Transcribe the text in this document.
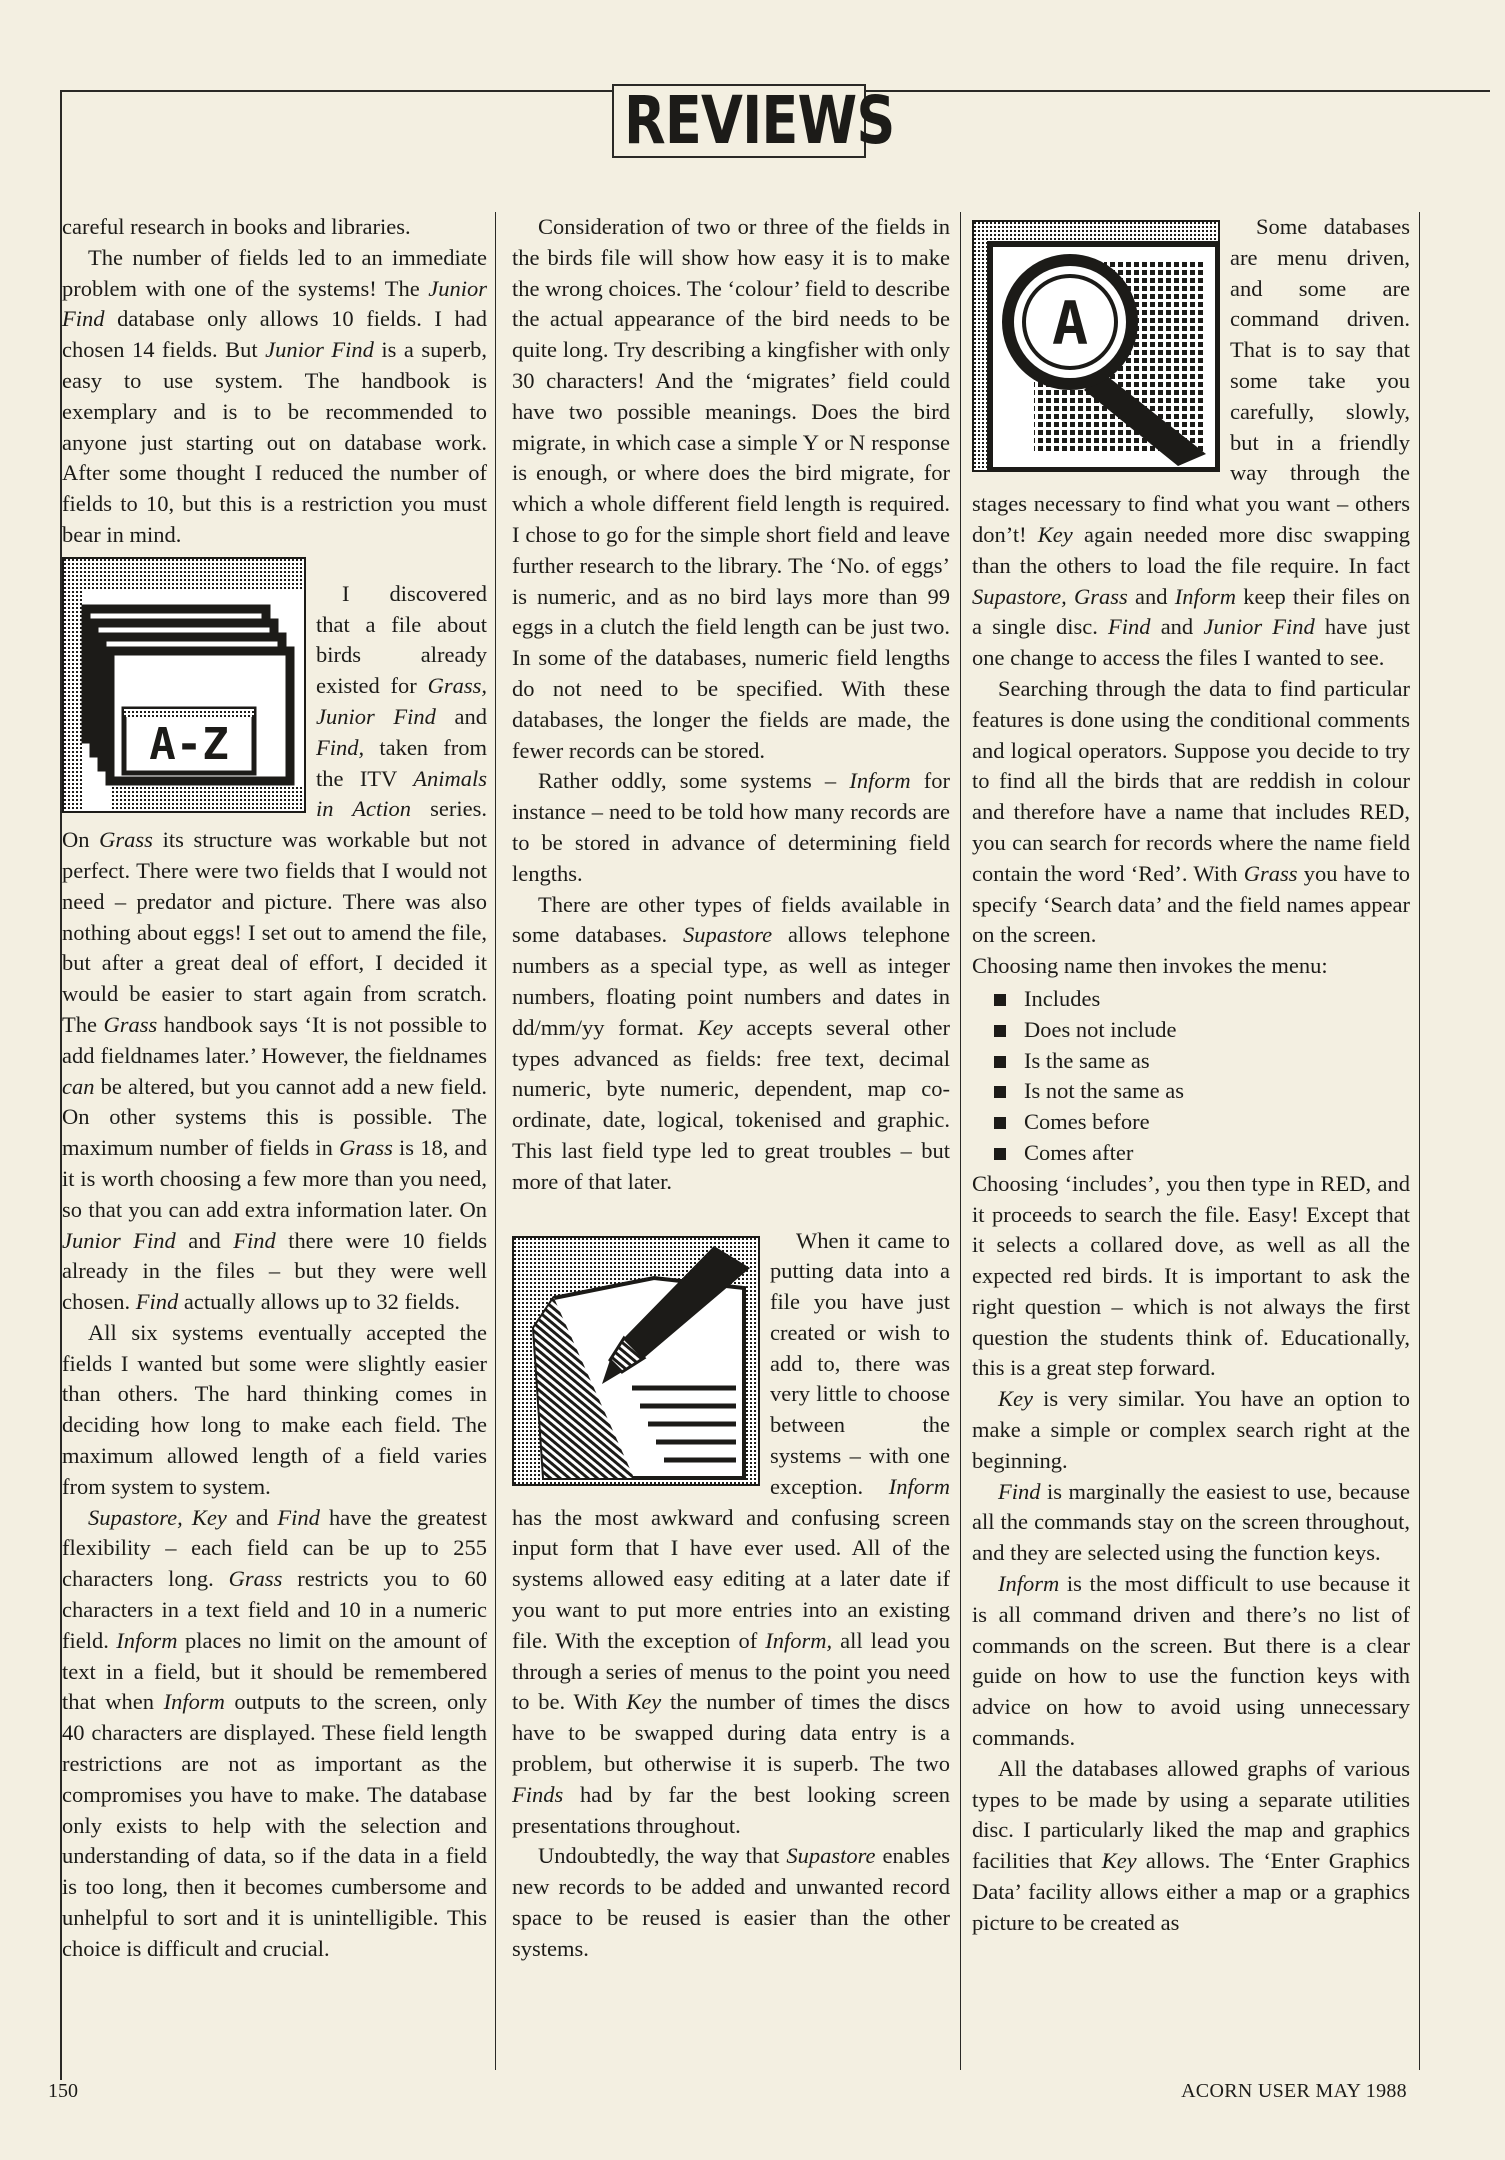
REVIEWS

careful research in books and libraries.

The number of fields led to an immediate problem with one of the systems! The Junior Find database only allows 10 fields. I had chosen 14 fields. But Junior Find is a superb, easy to use system. The handbook is exemplary and is to be recommended to anyone just starting out on database work. After some thought I reduced the number of fields to 10, but this is a restriction you must bear in mind.

A-Z

I discovered that a file about birds already existed for Grass, Junior Find and Find, taken from the ITV Animals in Action series. On Grass its structure was workable but not perfect. There were two fields that I would not need – predator and picture. There was also nothing about eggs! I set out to amend the file, but after a great deal of effort, I decided it would be easier to start again from scratch. The Grass handbook says ‘It is not possible to add fieldnames later.’ However, the fieldnames can be altered, but you cannot add a new field. On other systems this is possible. The maximum number of fields in Grass is 18, and it is worth choosing a few more than you need, so that you can add extra information later. On Junior Find and Find there were 10 fields already in the files – but they were well chosen. Find actually allows up to 32 fields.

All six systems eventually accepted the fields I wanted but some were slightly easier than others. The hard thinking comes in deciding how long to make each field. The maximum allowed length of a field varies from system to system.

Supastore, Key and Find have the greatest flexibility – each field can be up to 255 characters long. Grass restricts you to 60 characters in a text field and 10 in a numeric field. Inform places no limit on the amount of text in a field, but it should be remembered that when Inform outputs to the screen, only 40 characters are displayed. These field length restrictions are not as important as the compromises you have to make. The database only exists to help with the selection and understanding of data, so if the data in a field is too long, then it becomes cumbersome and unhelpful to sort and it is unintelligible. This choice is difficult and crucial.

Consideration of two or three of the fields in the birds file will show how easy it is to make the wrong choices. The ‘colour’ field to describe the actual appearance of the bird needs to be quite long. Try describing a kingfisher with only 30 characters! And the ‘migrates’ field could have two possible meanings. Does the bird migrate, in which case a simple Y or N response is enough, or where does the bird migrate, for which a whole different field length is required. I chose to go for the simple short field and leave further research to the library. The ‘No. of eggs’ is numeric, and as no bird lays more than 99 eggs in a clutch the field length can be just two. In some of the databases, numeric field lengths do not need to be specified. With these databases, the longer the fields are made, the fewer records can be stored.

Rather oddly, some systems – Inform for instance – need to be told how many records are to be stored in advance of determining field lengths.

There are other types of fields available in some databases. Supastore allows telephone numbers as a special type, as well as integer numbers, floating point numbers and dates in dd/mm/yy format. Key accepts several other types advanced as fields: free text, decimal numeric, byte numeric, dependent, map co-ordinate, date, logical, tokenised and graphic. This last field type led to great troubles – but more of that later.

When it came to putting data into a file you have just created or wish to add to, there was very little to choose between the systems – with one exception. Inform has the most awkward and confusing screen input form that I have ever used. All of the systems allowed easy editing at a later date if you want to put more entries into an existing file. With the exception of Inform, all lead you through a series of menus to the point you need to be. With Key the number of times the discs have to be swapped during data entry is a problem, but otherwise it is superb. The two Finds had by far the best looking screen presentations throughout.

Undoubtedly, the way that Supastore enables new records to be added and unwanted record space to be reused is easier than the other systems.

A

Some databases are menu driven, and some are command driven. That is to say that some take you carefully, slowly, but in a friendly way through the stages necessary to find what you want – others don’t! Key again needed more disc swapping than the others to load the file require. In fact Supastore, Grass and Inform keep their files on a single disc. Find and Junior Find have just one change to access the files I wanted to see.

Searching through the data to find particular features is done using the conditional comments and logical operators. Suppose you decide to try to find all the birds that are reddish in colour and therefore have a name that includes RED, you can search for records where the name field contain the word ‘Red’. With Grass you have to specify ‘Search data’ and the field names appear on the screen.

Choosing name then invokes the menu:

Includes
Does not include
Is the same as
Is not the same as
Comes before
Comes after

Choosing ‘includes’, you then type in RED, and it proceeds to search the file. Easy! Except that it selects a collared dove, as well as all the expected red birds. It is important to ask the right question – which is not always the first question the students think of. Educationally, this is a great step forward.

Key is very similar. You have an option to make a simple or complex search right at the beginning.

Find is marginally the easiest to use, because all the commands stay on the screen throughout, and they are selected using the function keys.

Inform is the most difficult to use because it is all command driven and there’s no list of commands on the screen. But there is a clear guide on how to use the function keys with advice on how to avoid using unnecessary commands.

All the databases allowed graphs of various types to be made by using a separate utilities disc. I particularly liked the map and graphics facilities that Key allows. The ‘Enter Graphics Data’ facility allows either a map or a graphics picture to be created as

150	ACORN USER MAY 1988
